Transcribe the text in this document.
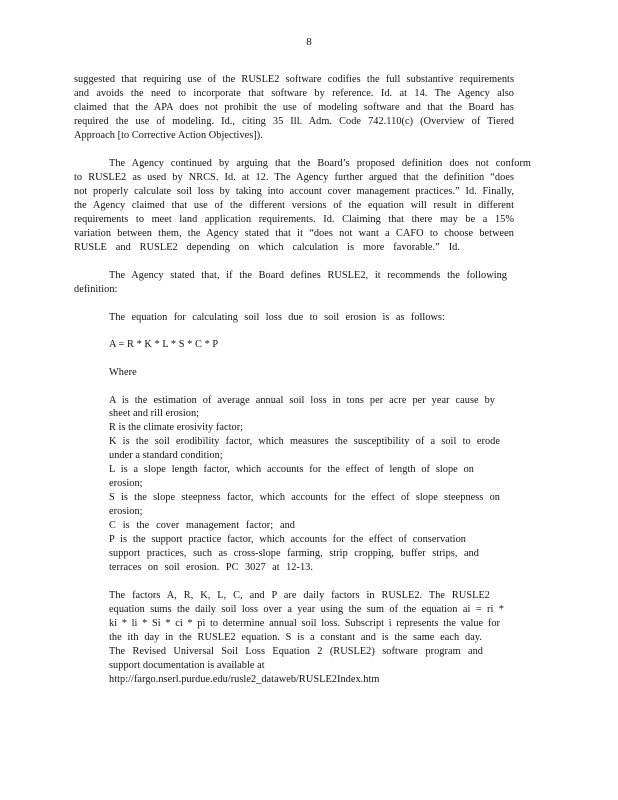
8
suggested that requiring use of the RUSLE2 software codifies the full substantive requirements
and avoids the need to incorporate that software by reference. Id. at 14. The Agency also
claimed that the APA does not prohibit the use of modeling software and that the Board has
required the use of modeling. Id., citing 35 Ill. Adm. Code 742.110(c) (Overview of Tiered
Approach [to Corrective Action Objectives]).
The Agency continued by arguing that the Board’s proposed definition does not conform
to RUSLE2 as used by NRCS. Id. at 12. The Agency further argued that the definition “does
not properly calculate soil loss by taking into account cover management practices.” Id. Finally,
the Agency claimed that use of the different versions of the equation will result in different
requirements to meet land application requirements. Id. Claiming that there may be a 15%
variation between them, the Agency stated that it “does not want a CAFO to choose between
RUSLE and RUSLE2 depending on which calculation is more favorable.” Id.
The Agency stated that, if the Board defines RUSLE2, it recommends the following
definition:
The equation for calculating soil loss due to soil erosion is as follows:
A = R * K * L * S * C * P
Where
A is the estimation of average annual soil loss in tons per acre per year cause by
sheet and rill erosion;
R is the climate erosivity factor;
K is the soil erodibility factor, which measures the susceptibility of a soil to erode
under a standard condition;
L is a slope length factor, which accounts for the effect of length of slope on
erosion;
S is the slope steepness factor, which accounts for the effect of slope steepness on
erosion;
C is the cover management factor; and
P is the support practice factor, which accounts for the effect of conservation
support practices, such as cross-slope farming, strip cropping, buffer strips, and
terraces on soil erosion. PC 3027 at 12-13.
The factors A, R, K, L, C, and P are daily factors in RUSLE2. The RUSLE2
equation sums the daily soil loss over a year using the sum of the equation ai = ri *
ki * li * Si * ci * pi to determine annual soil loss. Subscript i represents the value for
the ith day in the RUSLE2 equation. S is a constant and is the same each day.
The Revised Universal Soil Loss Equation 2 (RUSLE2) software program and
support documentation is available at
http://fargo.nserl.purdue.edu/rusle2_dataweb/RUSLE2Index.htm
